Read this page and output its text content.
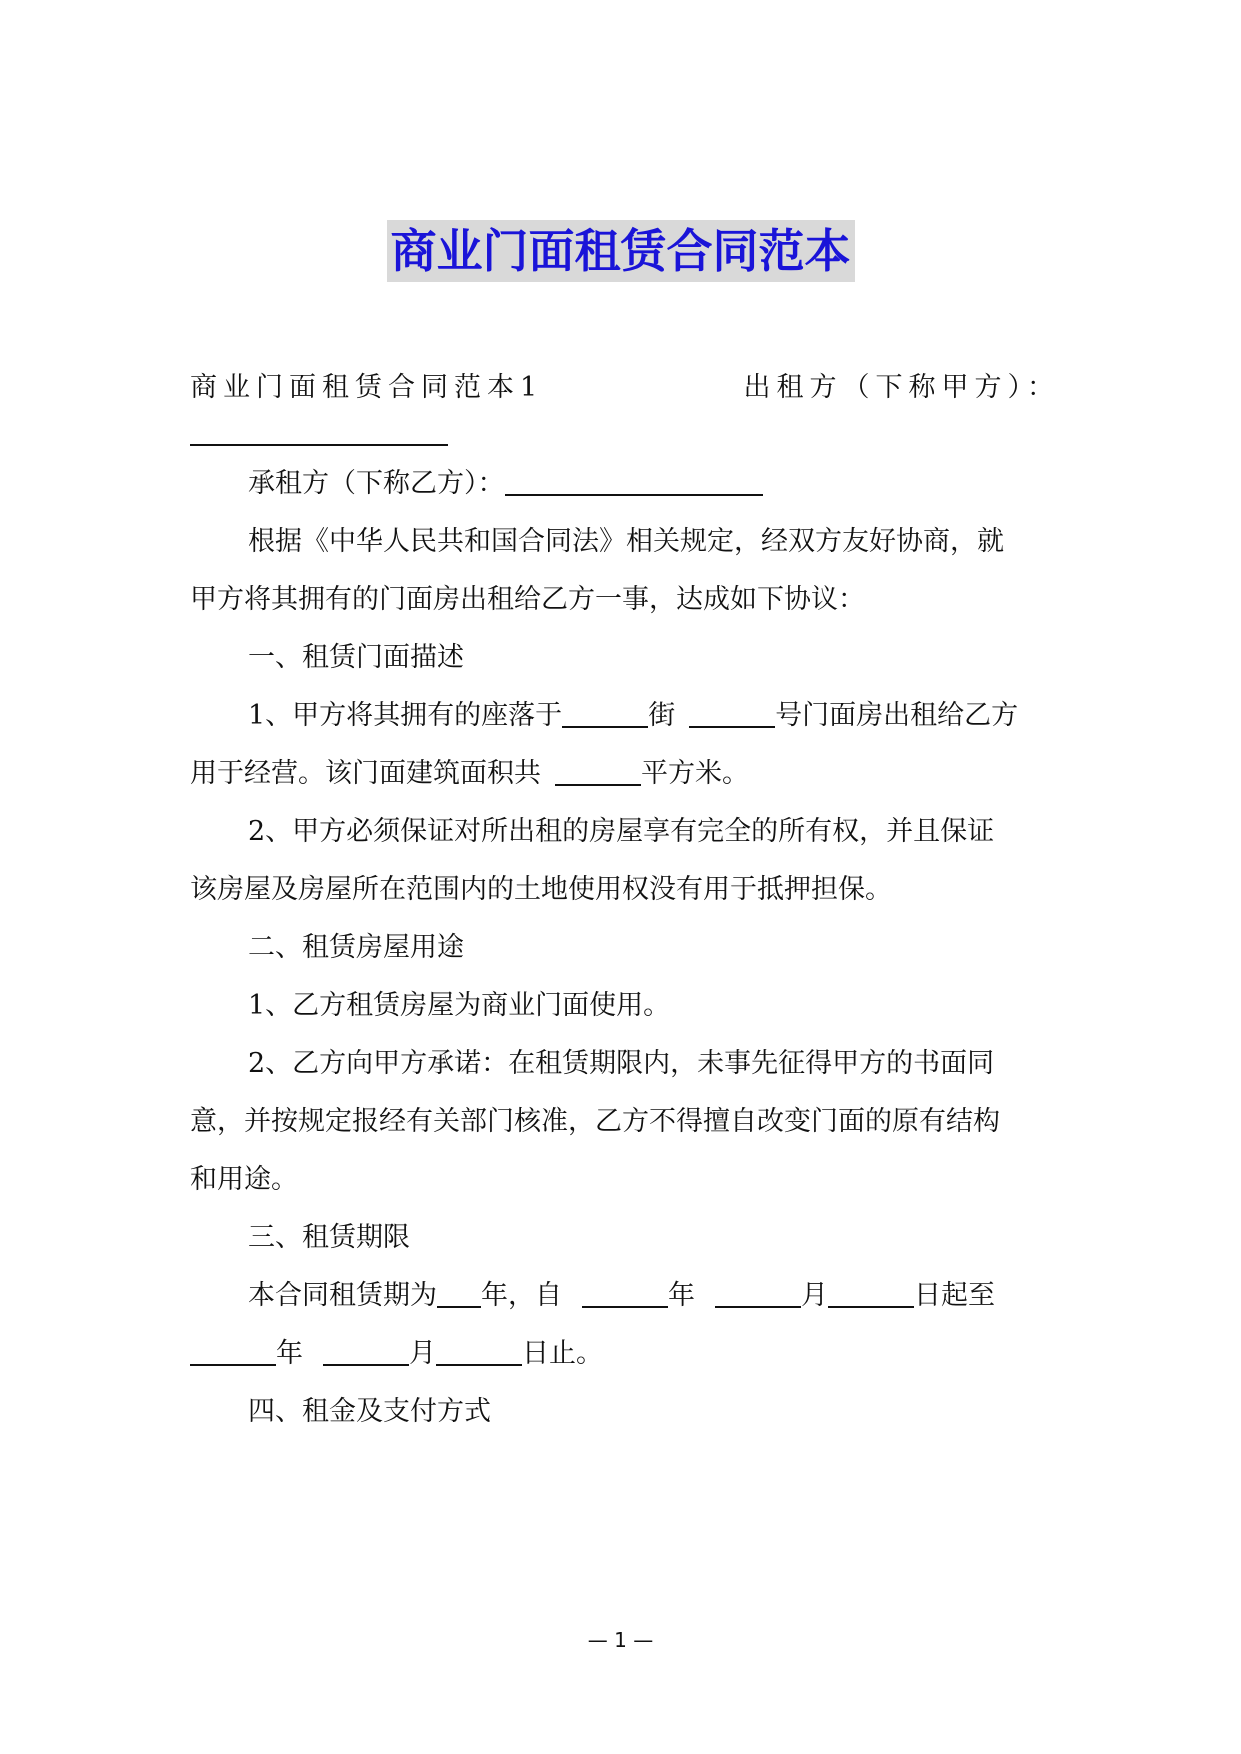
商业门面租赁合同范本
商业门面租赁合同范本1	出租方（下称甲方）：
承租方（下称乙方）：
根据《中华人民共和国合同法》相关规定，经双方友好协商，就
甲方将其拥有的门面房出租给乙方一事，达成如下协议：
一、租赁门面描述
1、甲方将其拥有的座落于	街	号门面房出租给乙方
用于经营。该门面建筑面积共	平方米。
2、甲方必须保证对所出租的房屋享有完全的所有权，并且保证
该房屋及房屋所在范围内的土地使用权没有用于抵押担保。
二、租赁房屋用途
1、乙方租赁房屋为商业门面使用。
2、乙方向甲方承诺：在租赁期限内，未事先征得甲方的书面同
意，并按规定报经有关部门核准，乙方不得擅自改变门面的原有结构
和用途。
三、租赁期限
本合同租赁期为 年，自	年	月	日起至
年	月	日止。
四、租金及支付方式
— 1 —
